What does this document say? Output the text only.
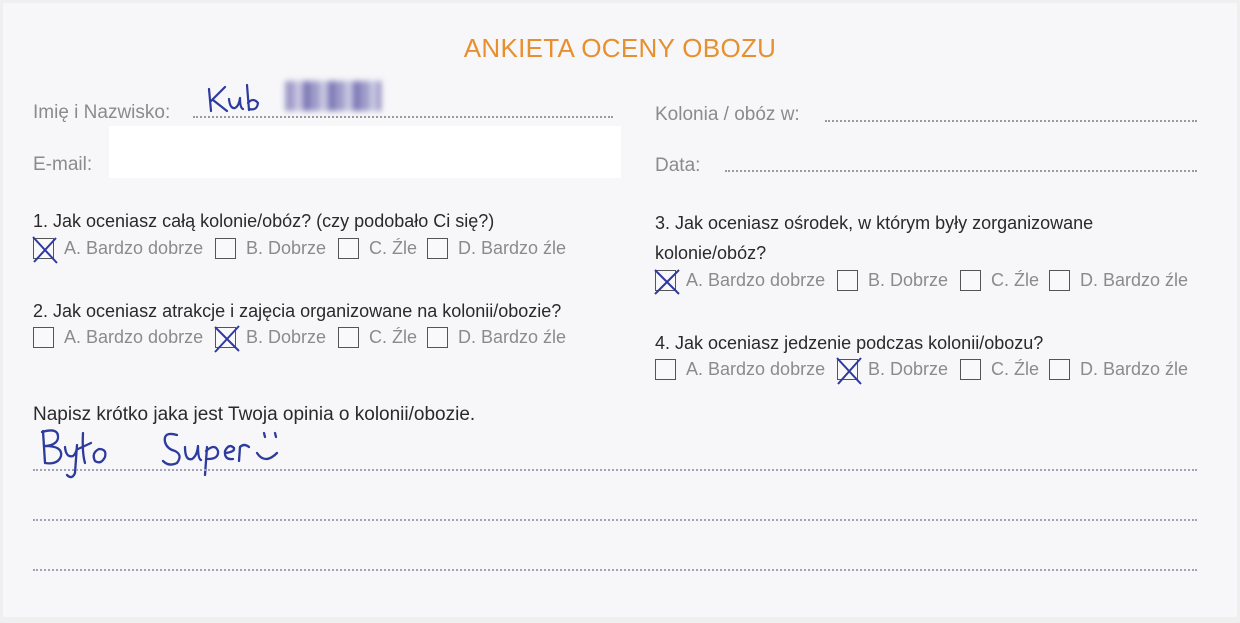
ANKIETA OCENY OBOZU
Imię i Nazwisko:
E-mail:
Kolonia / obóz w:
Data:
1. Jak oceniasz całą kolonie/obóz? (czy podobało Ci się?)
A. Bardzo dobrze B. Dobrze C. Źle D. Bardzo źle
2. Jak oceniasz atrakcje i zajęcia organizowane na kolonii/obozie?
A. Bardzo dobrze B. Dobrze C. Źle D. Bardzo źle
3. Jak oceniasz ośrodek, w którym były zorganizowane
kolonie/obóz?
A. Bardzo dobrze B. Dobrze C. Źle D. Bardzo źle
4. Jak oceniasz jedzenie podczas kolonii/obozu?
A. Bardzo dobrze B. Dobrze C. Źle D. Bardzo źle
Napisz krótko jaka jest Twoja opinia o kolonii/obozie.
